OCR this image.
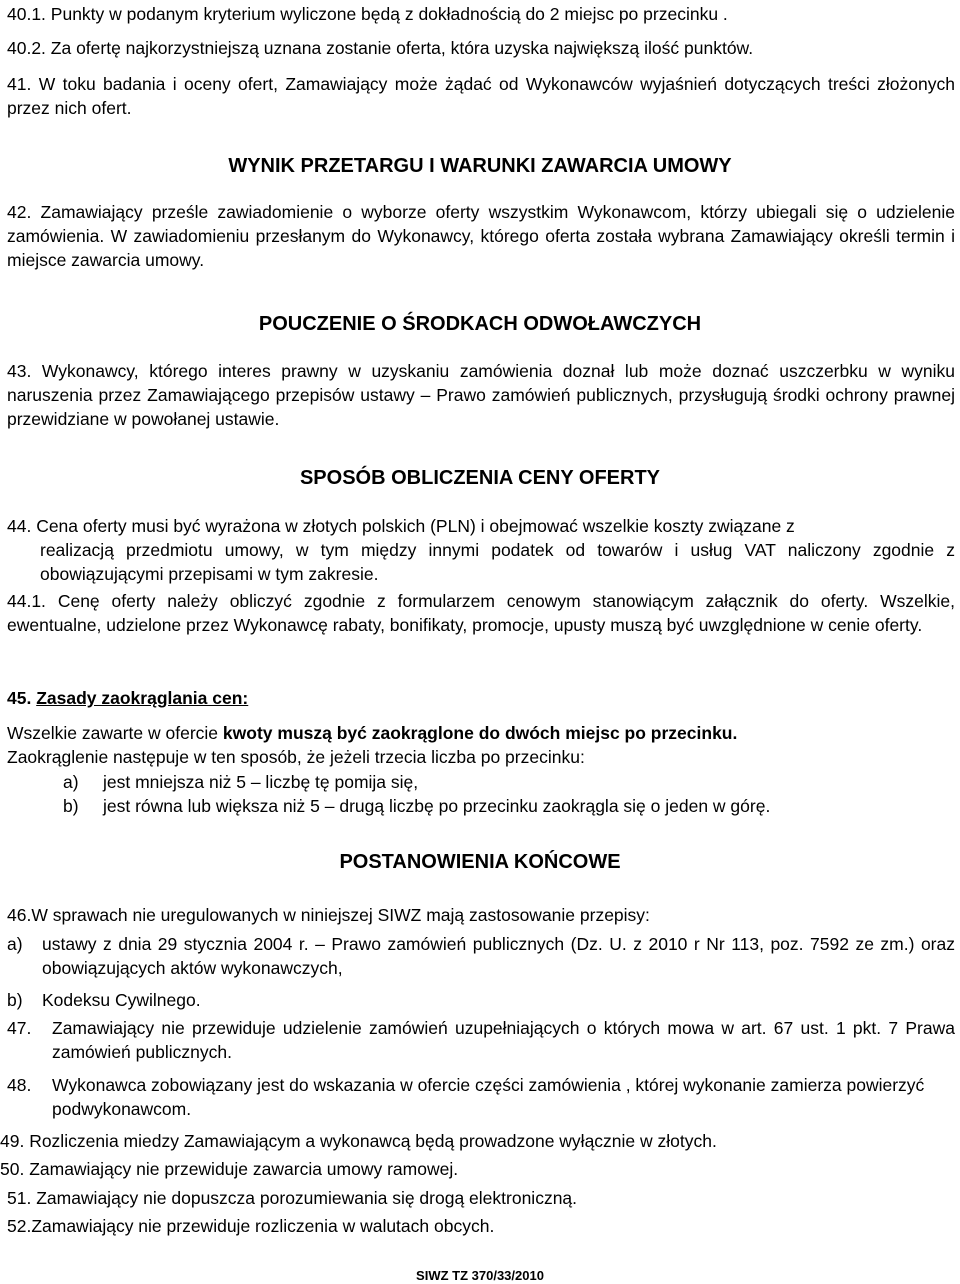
40.1. Punkty w podanym kryterium wyliczone będą z dokładnością do 2 miejsc po przecinku .

40.2. Za ofertę najkorzystniejszą uznana zostanie oferta, która uzyska największą ilość punktów.

41. W toku badania i oceny ofert, Zamawiający może żądać od Wykonawców wyjaśnień dotyczących treści złożonych przez nich ofert.

WYNIK PRZETARGU I WARUNKI ZAWARCIA UMOWY

42. Zamawiający prześle zawiadomienie o wyborze oferty wszystkim Wykonawcom, którzy ubiegali się o udzielenie zamówienia. W zawiadomieniu przesłanym do Wykonawcy, którego oferta została wybrana Zamawiający określi termin i miejsce zawarcia umowy.

POUCZENIE O ŚRODKACH ODWOŁAWCZYCH

43. Wykonawcy, którego interes prawny w uzyskaniu zamówienia doznał lub może doznać uszczerbku w wyniku naruszenia przez Zamawiającego przepisów ustawy – Prawo zamówień publicznych, przysługują środki ochrony prawnej przewidziane w powołanej ustawie.

SPOSÓB OBLICZENIA CENY OFERTY
44. Cena oferty musi być wyrażona w złotych polskich (PLN) i obejmować wszelkie koszty związane z
realizacją przedmiotu umowy, w tym między innymi podatek od towarów i usług VAT naliczony zgodnie z obowiązującymi przepisami w tym zakresie.

44.1. Cenę oferty należy obliczyć zgodnie z formularzem cenowym stanowiącym załącznik do oferty. Wszelkie, ewentualne, udzielone przez Wykonawcę rabaty, bonifikaty, promocje, upusty muszą być uwzględnione w cenie oferty.

45. Zasady zaokrąglania cen:

Wszelkie zawarte w ofercie kwoty muszą być zaokrąglone do dwóch miejsc po przecinku.
Zaokrąglenie następuje w ten sposób, że jeżeli trzecia liczba po przecinku:

a) jest mniejsza niż 5 – liczbę tę pomija się,

b) jest równa lub większa niż 5 – drugą liczbę po przecinku zaokrągla się o jeden w górę.

POSTANOWIENIA KOŃCOWE

46.W sprawach nie uregulowanych w niniejszej SIWZ mają zastosowanie przepisy:

a)	ustawy z dnia 29 stycznia 2004 r. – Prawo zamówień publicznych (Dz. U. z 2010 r Nr 113, poz. 7592 ze zm.) oraz obowiązujących aktów wykonawczych,
b)	Kodeksu Cywilnego.
47.	Zamawiający nie przewiduje udzielenie zamówień uzupełniających o których mowa w art. 67 ust. 1 pkt. 7 Prawa zamówień publicznych.
48.	Wykonawca zobowiązany jest do wskazania w ofercie części zamówienia , której wykonanie zamierza powierzyć podwykonawcom.

49. Rozliczenia miedzy Zamawiającym a wykonawcą będą prowadzone wyłącznie w złotych.

50. Zamawiający nie przewiduje zawarcia umowy ramowej.

51. Zamawiający nie dopuszcza porozumiewania się drogą elektroniczną.

52.Zamawiający nie przewiduje rozliczenia w walutach obcych.

SIWZ TZ 370/33/2010
